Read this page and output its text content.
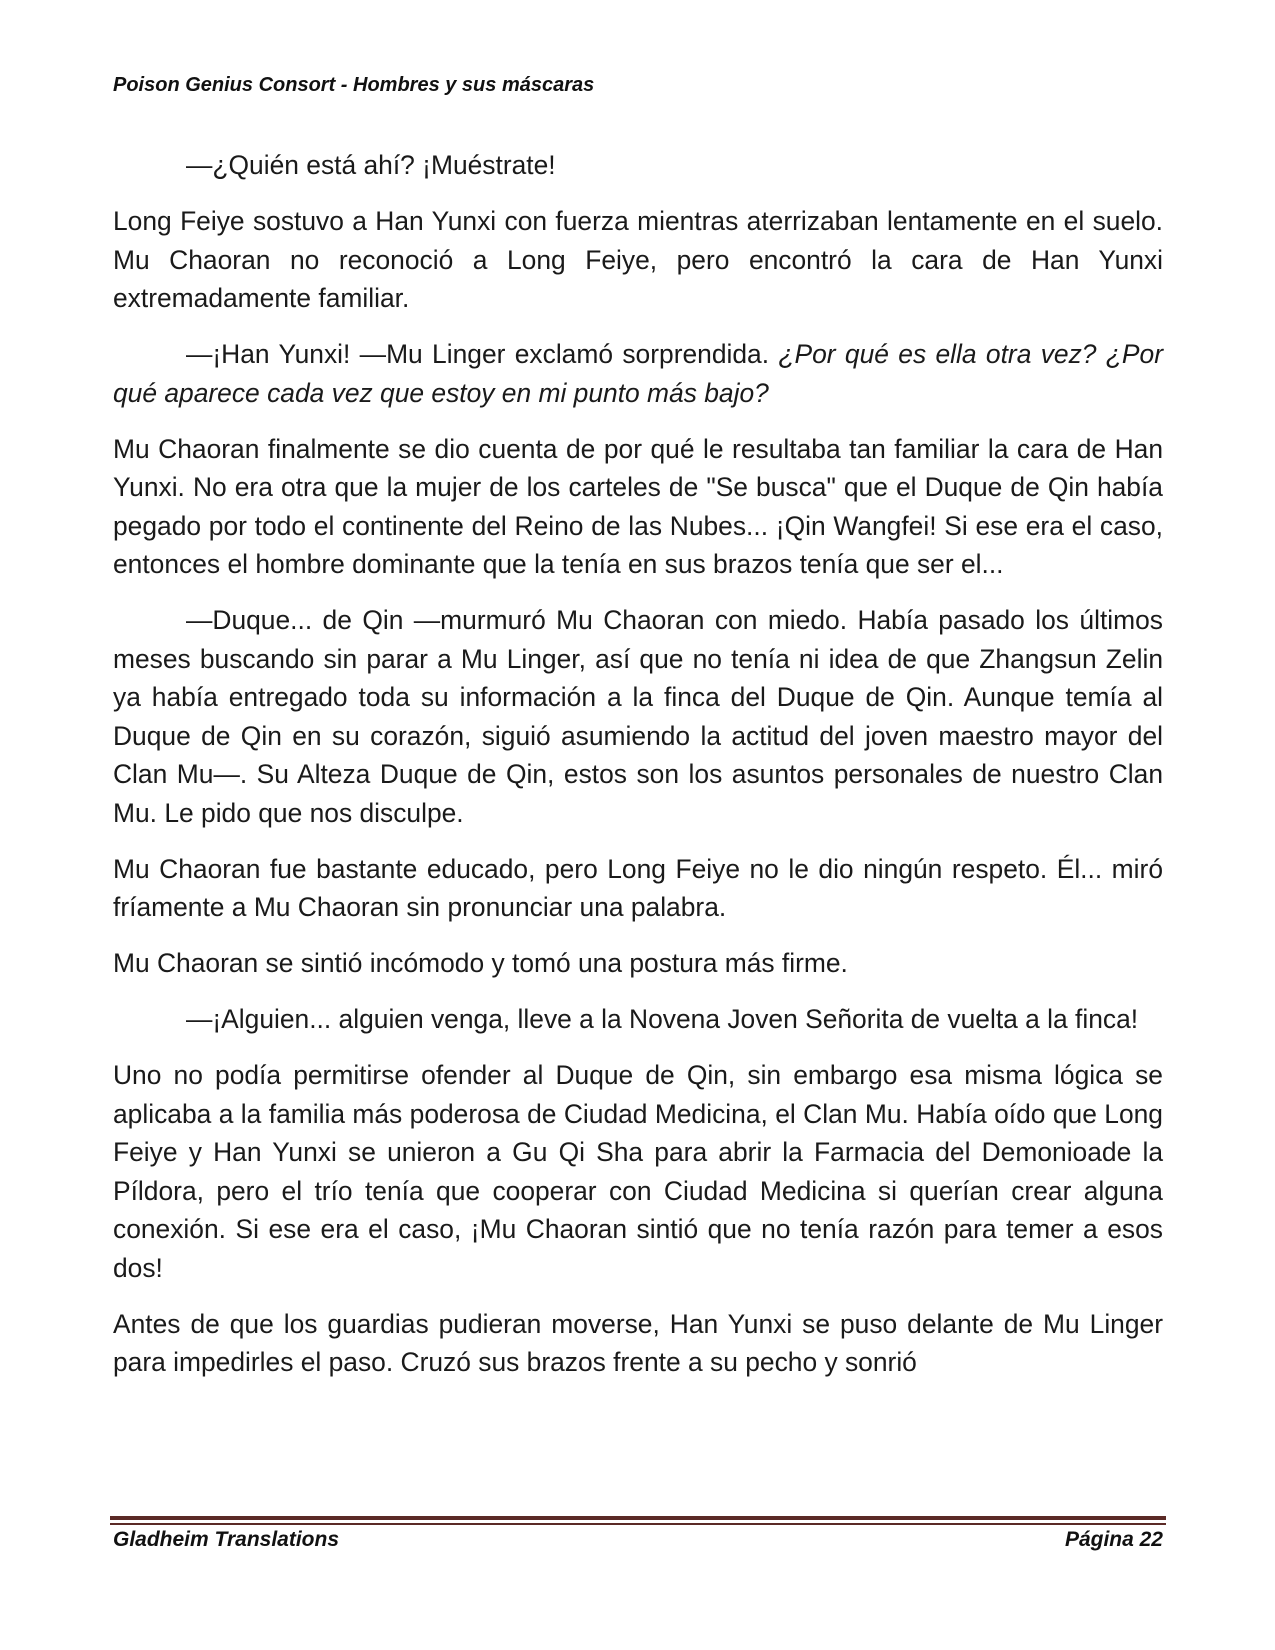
Poison Genius Consort - Hombres y sus máscaras

—¿Quién está ahí? ¡Muéstrate!

Long Feiye sostuvo a Han Yunxi con fuerza mientras aterrizaban lentamente en el suelo. Mu Chaoran no reconoció a Long Feiye, pero encontró la cara de Han Yunxi extremadamente familiar.

—¡Han Yunxi! —Mu Linger exclamó sorprendida. ¿Por qué es ella otra vez? ¿Por qué aparece cada vez que estoy en mi punto más bajo?

Mu Chaoran finalmente se dio cuenta de por qué le resultaba tan familiar la cara de Han Yunxi. No era otra que la mujer de los carteles de "Se busca" que el Duque de Qin había pegado por todo el continente del Reino de las Nubes... ¡Qin Wangfei! Si ese era el caso, entonces el hombre dominante que la tenía en sus brazos tenía que ser el...

—Duque... de Qin —murmuró Mu Chaoran con miedo. Había pasado los últimos meses buscando sin parar a Mu Linger, así que no tenía ni idea de que Zhangsun Zelin ya había entregado toda su información a la finca del Duque de Qin. Aunque temía al Duque de Qin en su corazón, siguió asumiendo la actitud del joven maestro mayor del Clan Mu—. Su Alteza Duque de Qin, estos son los asuntos personales de nuestro Clan Mu. Le pido que nos disculpe.

Mu Chaoran fue bastante educado, pero Long Feiye no le dio ningún respeto. Él... miró fríamente a Mu Chaoran sin pronunciar una palabra.

Mu Chaoran se sintió incómodo y tomó una postura más firme.

—¡Alguien... alguien venga, lleve a la Novena Joven Señorita de vuelta a la finca!

Uno no podía permitirse ofender al Duque de Qin, sin embargo esa misma lógica se aplicaba a la familia más poderosa de Ciudad Medicina, el Clan Mu. Había oído que Long Feiye y Han Yunxi se unieron a Gu Qi Sha para abrir la Farmacia del Demonioade la Píldora, pero el trío tenía que cooperar con Ciudad Medicina si querían crear alguna conexión. Si ese era el caso, ¡Mu Chaoran sintió que no tenía razón para temer a esos dos!

Antes de que los guardias pudieran moverse, Han Yunxi se puso delante de Mu Linger para impedirles el paso. Cruzó sus brazos frente a su pecho y sonrió

Gladheim Translations	Página 22
